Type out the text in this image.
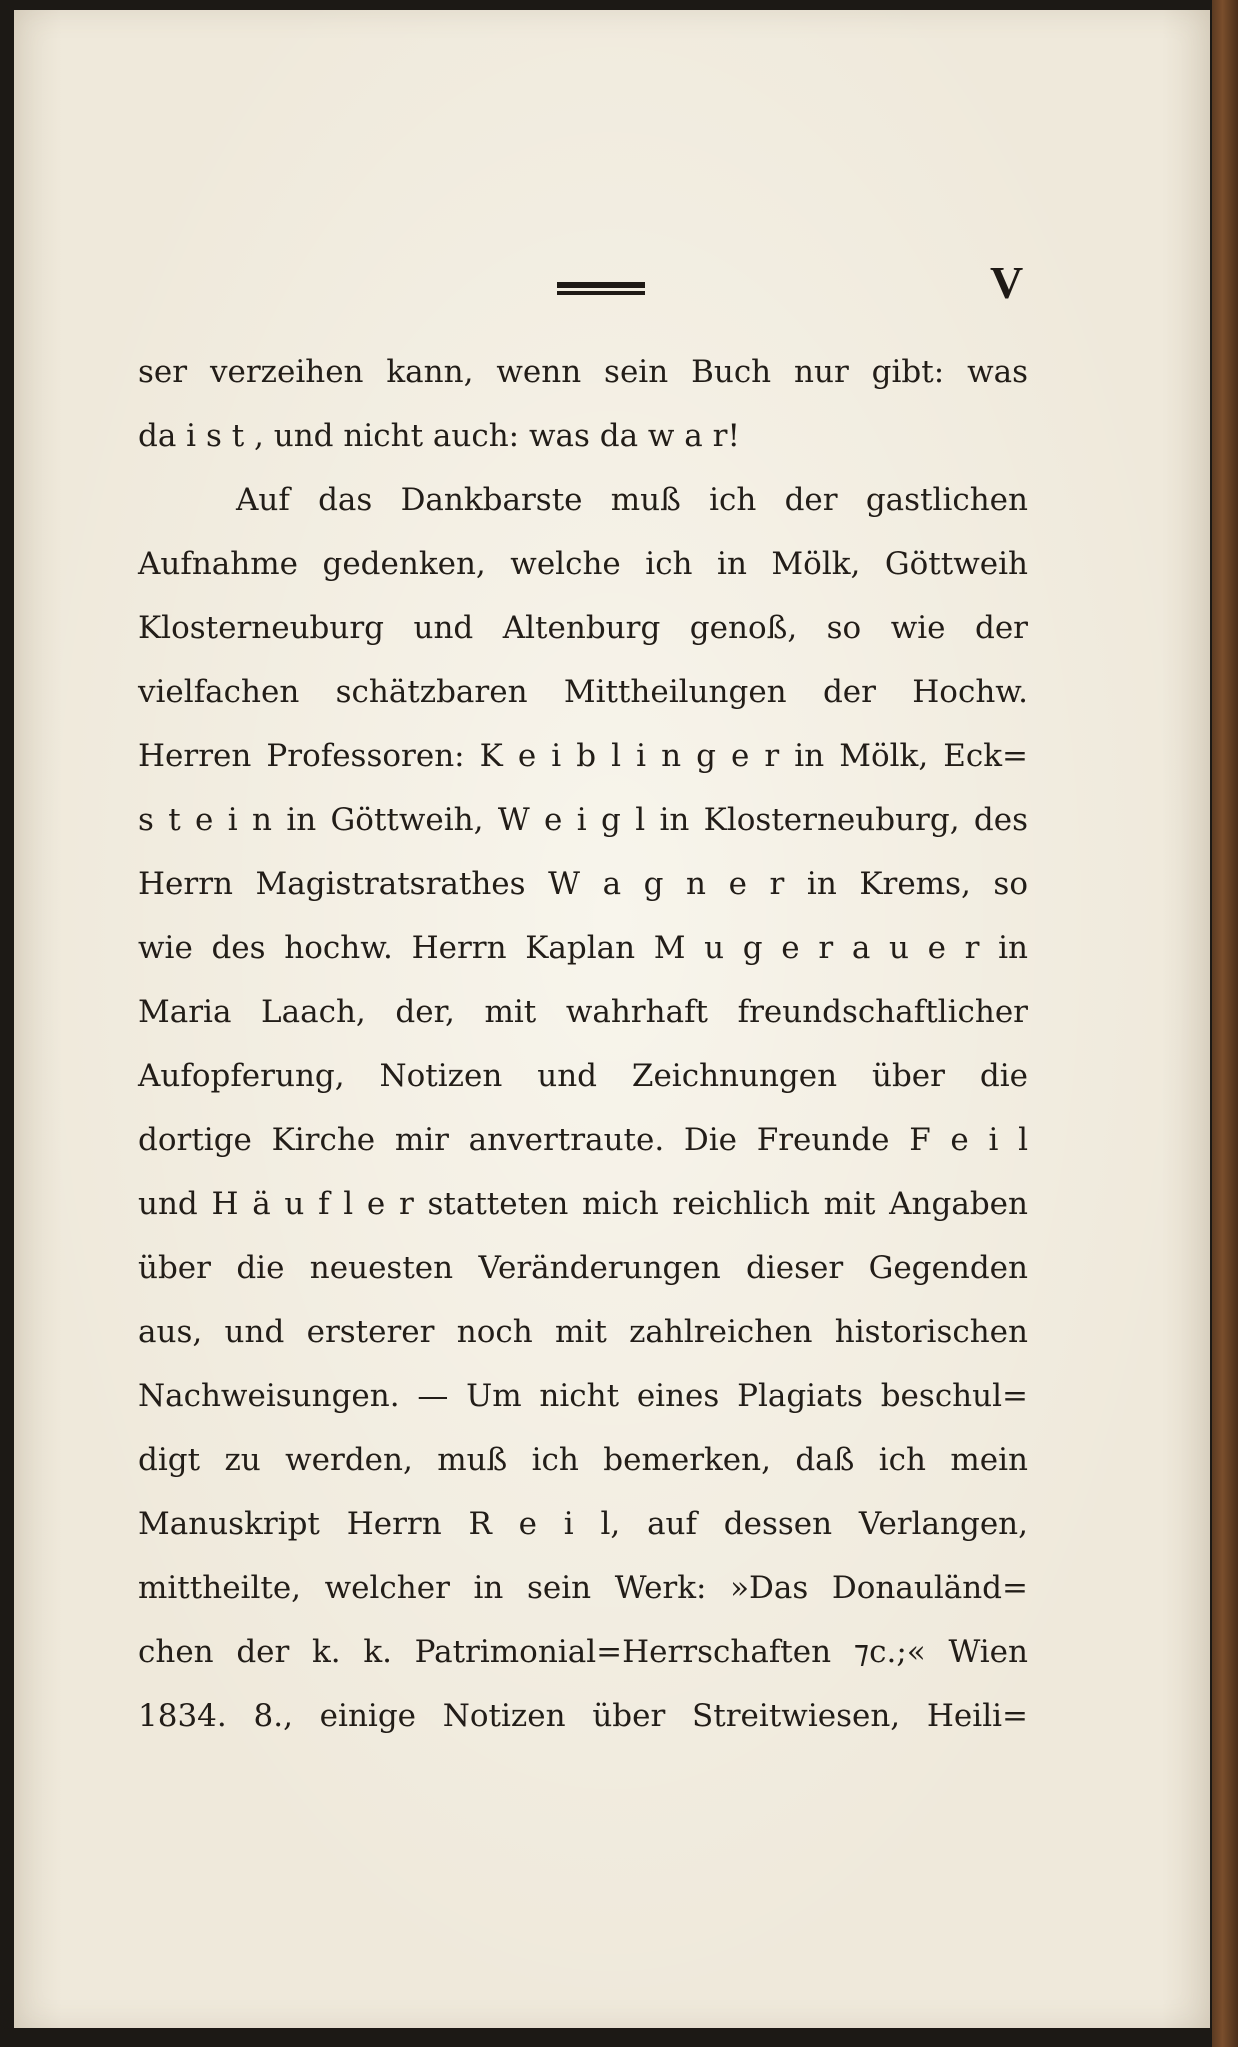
V
ser verzeihen kann, wenn sein Buch nur gibt: was
da i s t , und nicht auch: was da w a r!
Auf das Dankbarste muß ich der gastlichen
Aufnahme gedenken, welche ich in Mölk, Göttweih
Klosterneuburg und Altenburg genoß, so wie der
vielfachen schätzbaren Mittheilungen der Hochw.
Herren Professoren: K e i b l i n g e r in Mölk, Eck=
s t e i n in Göttweih, W e i g l in Klosterneuburg, des
Herrn Magistratsrathes W a g n e r in Krems, so
wie des hochw. Herrn Kaplan M u g e r a u e r in
Maria Laach, der, mit wahrhaft freundschaftlicher
Aufopferung, Notizen und Zeichnungen über die
dortige Kirche mir anvertraute. Die Freunde F e i l
und H ä u f l e r statteten mich reichlich mit Angaben
über die neuesten Veränderungen dieser Gegenden
aus, und ersterer noch mit zahlreichen historischen
Nachweisungen. — Um nicht eines Plagiats beschul=
digt zu werden, muß ich bemerken, daß ich mein
Manuskript Herrn R e i l, auf dessen Verlangen,
mittheilte, welcher in sein Werk: »Das Donauländ=
chen der k. k. Patrimonial=Herrschaften ⁊c.;« Wien
1834. 8., einige Notizen über Streitwiesen, Heili=
